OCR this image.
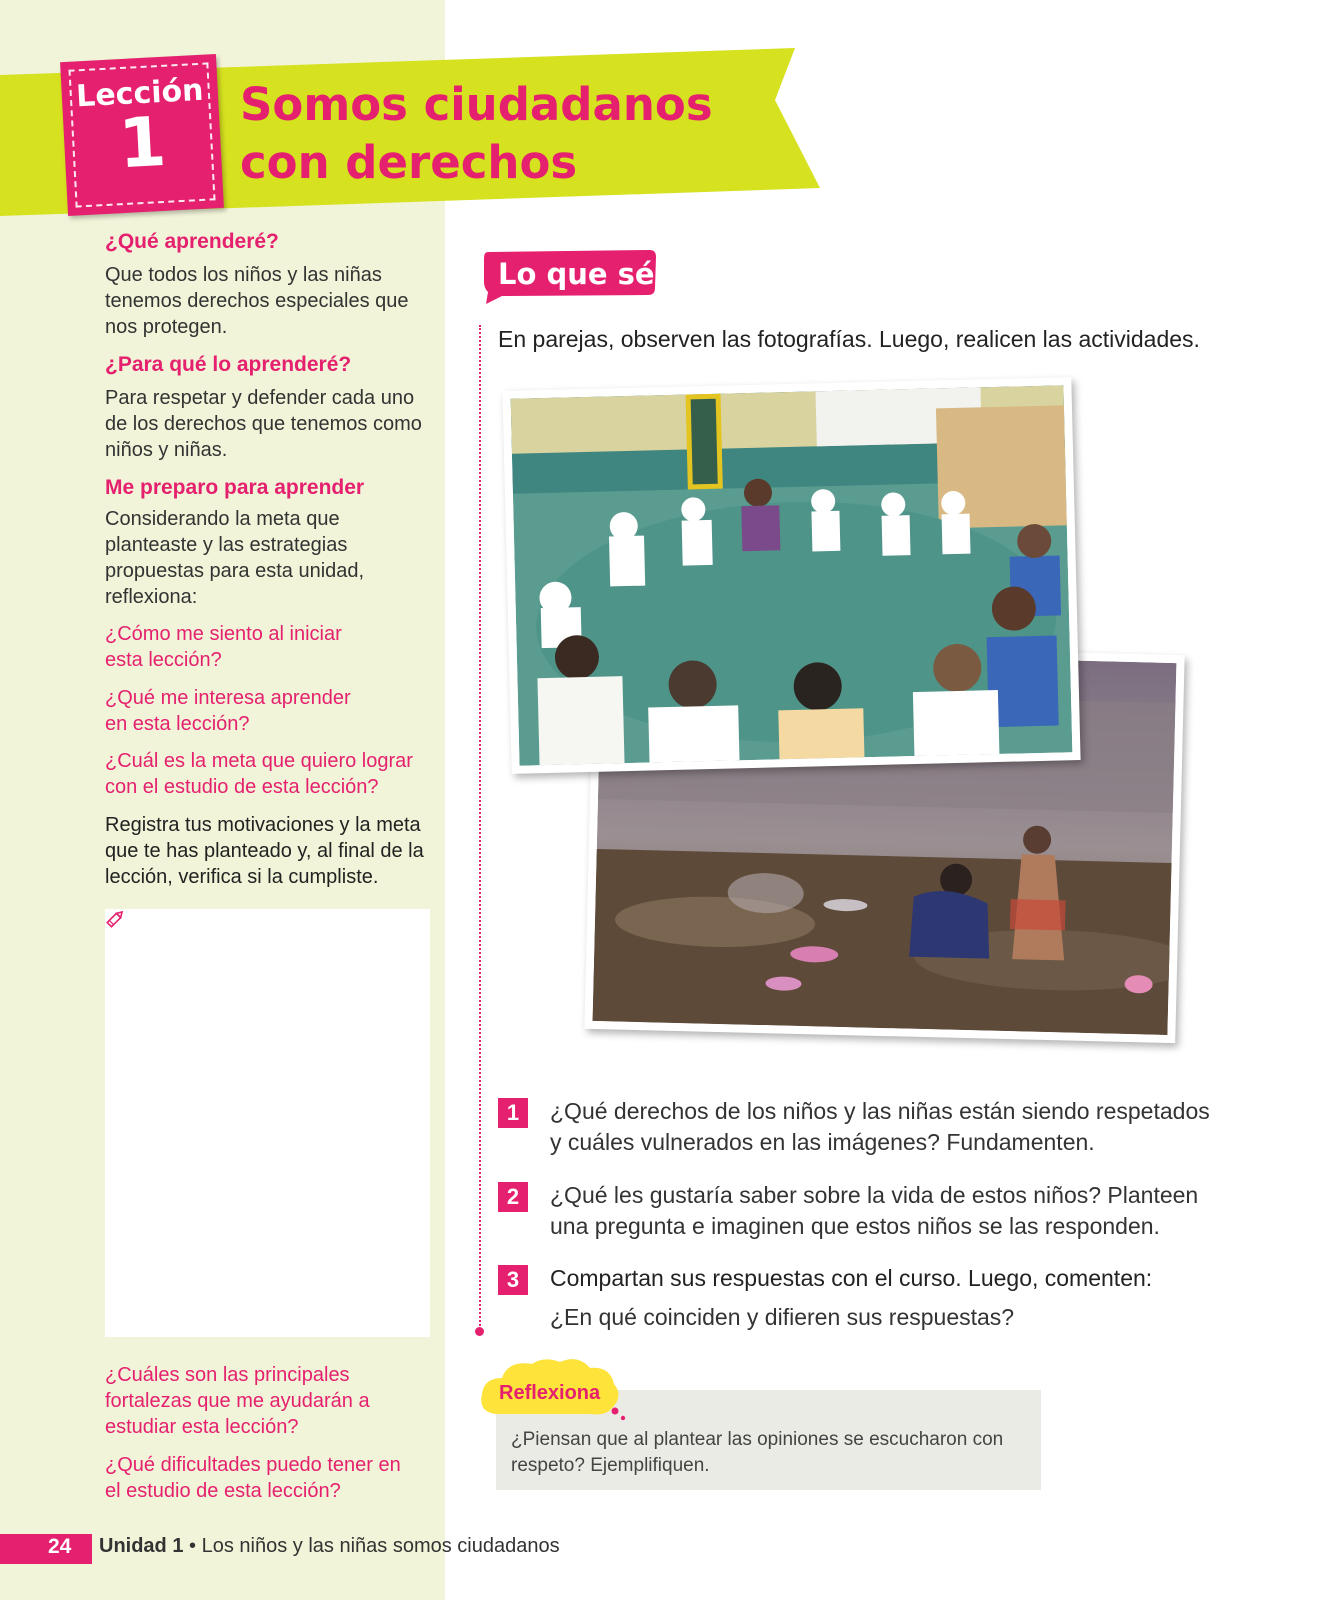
Lección
1	Somos ciudadanos
con derechos
¿Qué aprenderé?
Que todos los niños y las niñas tenemos derechos especiales que nos protegen.
¿Para qué lo aprenderé?
Para respetar y defender cada uno de los derechos que tenemos como niños y niñas.
Me preparo para aprender
Considerando la meta que planteaste y las estrategias propuestas para esta unidad, reflexiona:
¿Cómo me siento al iniciar esta lección?
¿Qué me interesa aprender en esta lección?
¿Cuál es la meta que quiero lograr con el estudio de esta lección?
Registra tus motivaciones y la meta que te has planteado y, al final de la lección, verifica si la cumpliste.
¿Cuáles son las principales fortalezas que me ayudarán a estudiar esta lección?
¿Qué dificultades puedo tener en el estudio de esta lección?
Lo que sé
En parejas, observen las fotografías. Luego, realicen las actividades.
1	¿Qué derechos de los niños y las niñas están siendo respetados y cuáles vulnerados en las imágenes? Fundamenten.
2	¿Qué les gustaría saber sobre la vida de estos niños? Planteen una pregunta e imaginen que estos niños se las responden.
3	Compartan sus respuestas con el curso. Luego, comenten:
¿En qué coinciden y difieren sus respuestas?
Reflexiona
¿Piensan que al plantear las opiniones se escucharon con respeto? Ejemplifiquen.
24 Unidad 1 • Los niños y las niñas somos ciudadanos
